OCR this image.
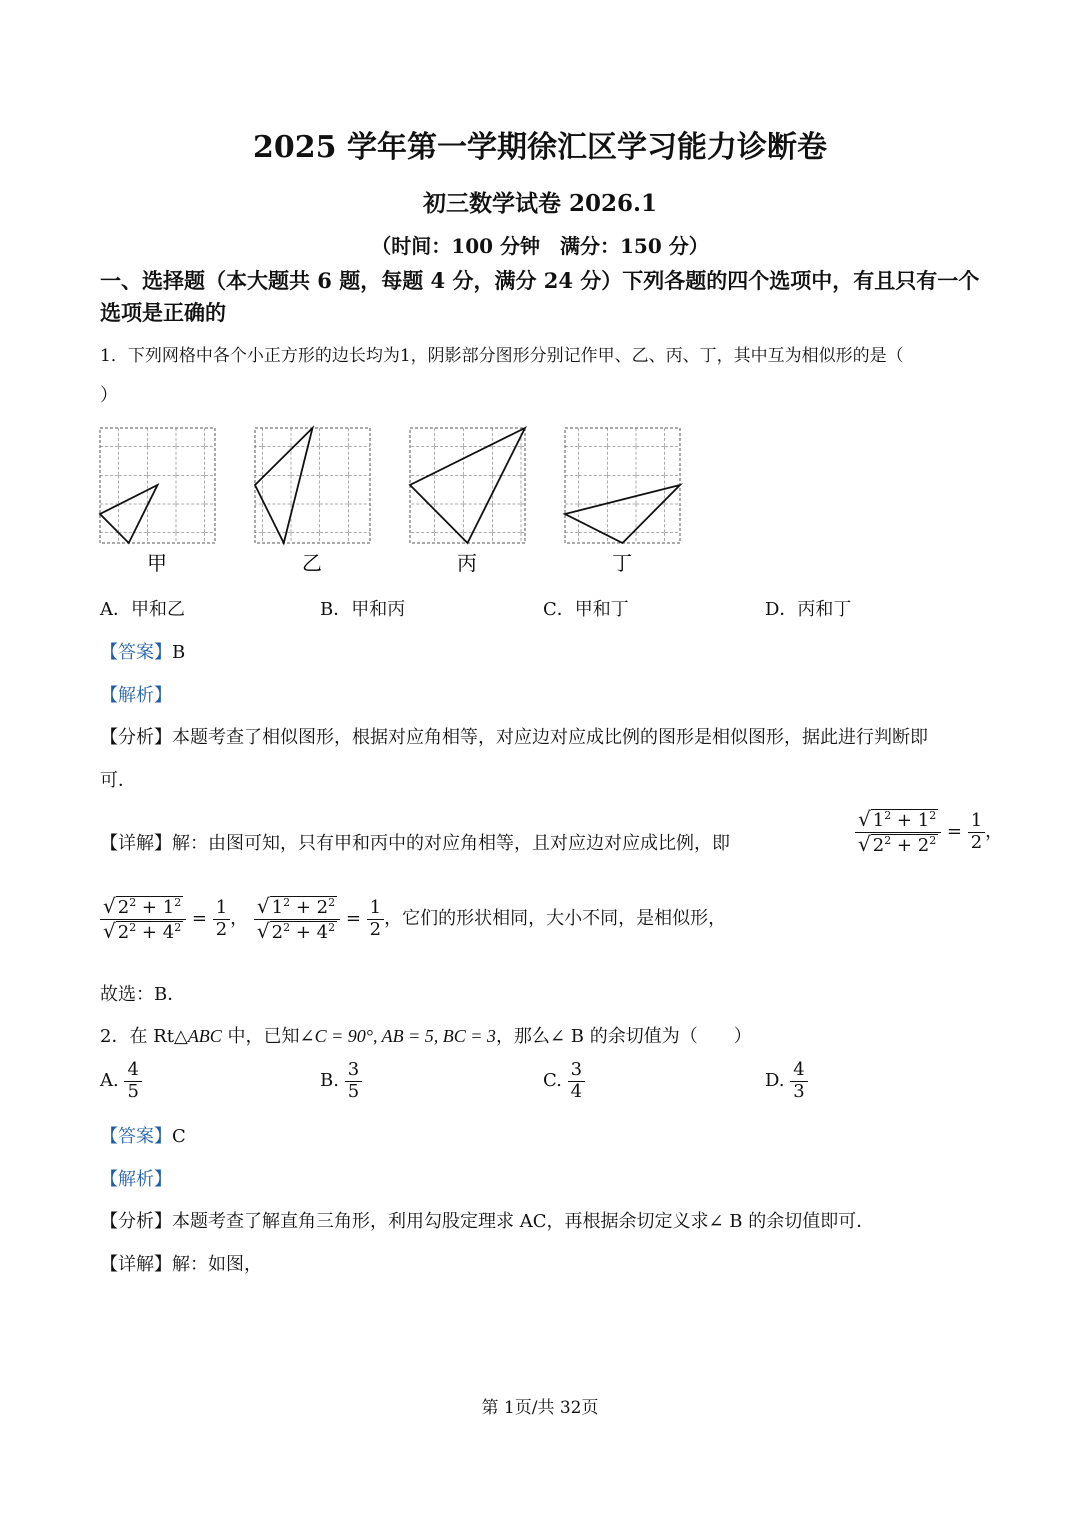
2025 学年第一学期徐汇区学习能力诊断卷
初三数学试卷 2026.1
（时间：100 分钟　满分：150 分）
一、选择题（本大题共 6 题，每题 4 分，满分 24 分）下列各题的四个选项中，有且只有一个
选项是正确的
1．下列网格中各个小正方形的边长均为1，阴影部分图形分别记作甲、乙、丙、丁，其中互为相似形的是（
）
甲	乙	丙	丁
A．甲和乙	B．甲和丙	C．甲和丁	D．丙和丁
【答案】B
【解析】
【分析】本题考查了相似图形，根据对应角相等，对应边对应成比例的图形是相似图形，据此进行判断即
可．
【详解】解：由图可知，只有甲和丙中的对应角相等，且对应边对应成比例，即	$\frac{√ 1^2 + 1^2}{√ 2^2 + 2^2} = \frac{1}{2}$ ，
$\frac{√ 2^2 + 1^2}{√ 2^2 + 4^2} = \frac{1}{2}$ ， $\frac{√ 1^2 + 2^2}{√ 2^2 + 4^2} = \frac{1}{2}$ ，它们的形状相同，大小不同，是相似形，
故选：B．
2．在 Rt△ABC 中，已知∠C = 90°, AB = 5, BC = 3，那么∠ B 的余切值为（　　）
A. $\frac{4}{5}$	B. $\frac{3}{5}$	C. $\frac{3}{4}$	D. $\frac{4}{3}$
【答案】C
【解析】
【分析】本题考查了解直角三角形，利用勾股定理求 AC，再根据余切定义求∠ B 的余切值即可．
【详解】解：如图，
第 1页/共 32页
